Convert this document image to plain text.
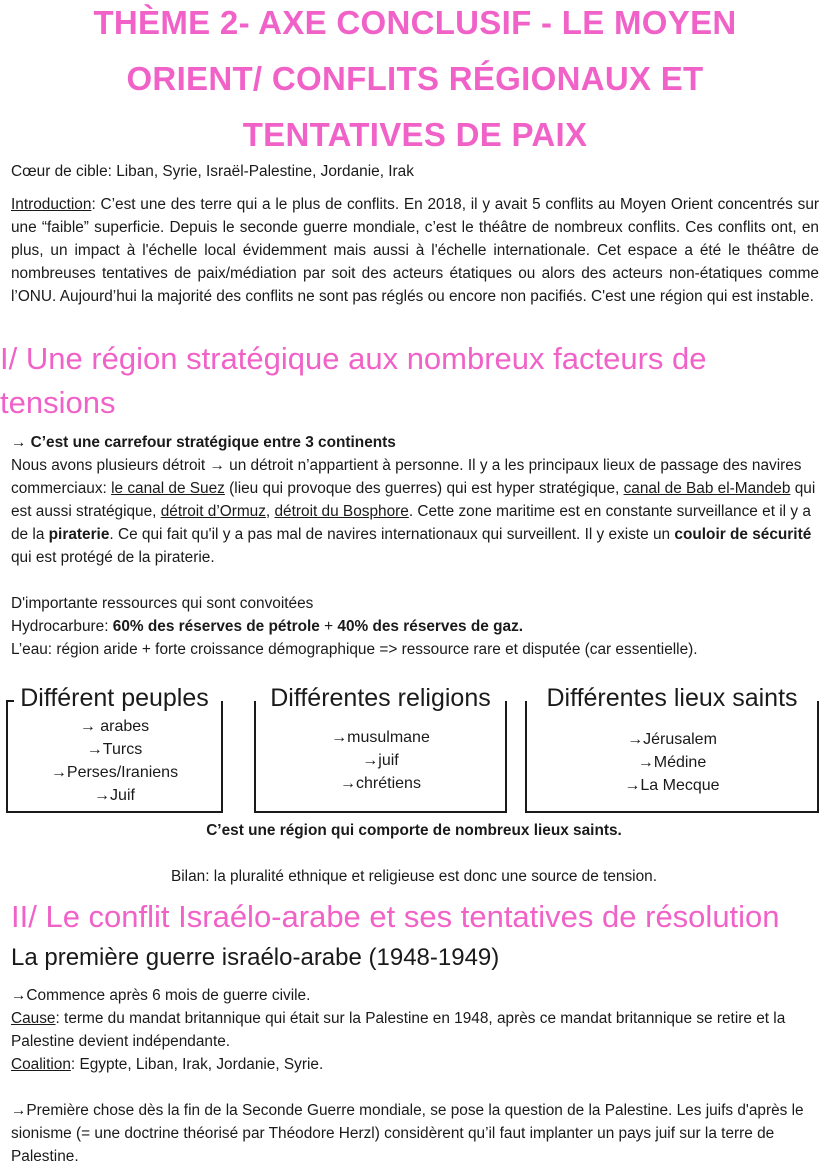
THÈME 2- AXE CONCLUSIF - LE MOYEN
ORIENT/ CONFLITS RÉGIONAUX ET
TENTATIVES DE PAIX
Cœur de cible: Liban, Syrie, Israël-Palestine, Jordanie, Irak
Introduction: C’est une des terre qui a le plus de conflits. En 2018, il y avait 5 conflits au Moyen Orient concentrés sur une “faible” superficie. Depuis le seconde guerre mondiale, c’est le théâtre de nombreux conflits. Ces conflits ont, en plus, un impact à l'échelle local évidemment mais aussi à l'échelle internationale. Cet espace a été le théâtre de nombreuses tentatives de paix/médiation par soit des acteurs étatiques ou alors des acteurs non-étatiques comme l’ONU. Aujourd’hui la majorité des conflits ne sont pas réglés ou encore non pacifiés. C'est une région qui est instable.
I/ Une région stratégique aux nombreux facteurs de
tensions
→ C’est une carrefour stratégique entre 3 continents
Nous avons plusieurs détroit → un détroit n’appartient à personne. Il y a les principaux lieux de passage des navires commerciaux: le canal de Suez (lieu qui provoque des guerres) qui est hyper stratégique, canal de Bab el-Mandeb qui est aussi stratégique, détroit d’Ormuz, détroit du Bosphore. Cette zone maritime est en constante surveillance et il y a de la piraterie. Ce qui fait qu'il y a pas mal de navires internationaux qui surveillent. Il y existe un couloir de sécurité qui est protégé de la piraterie.
D'importante ressources qui sont convoitées
Hydrocarbure: 60% des réserves de pétrole + 40% des réserves de gaz.
L’eau: région aride + forte croissance démographique => ressource rare et disputée (car essentielle).
Différent peuples
→ arabes
→Turcs
→Perses/Iraniens
→Juif
Différentes religions
→musulmane
→juif
→chrétiens
Différentes lieux saints
→Jérusalem
→Médine
→La Mecque
C’est une région qui comporte de nombreux lieux saints.
Bilan: la pluralité ethnique et religieuse est donc une source de tension.
II/ Le conflit Israélo-arabe et ses tentatives de résolution
La première guerre israélo-arabe (1948-1949)
→Commence après 6 mois de guerre civile.
Cause: terme du mandat britannique qui était sur la Palestine en 1948, après ce mandat britannique se retire et la Palestine devient indépendante.
Coalition: Egypte, Liban, Irak, Jordanie, Syrie.
→Première chose dès la fin de la Seconde Guerre mondiale, se pose la question de la Palestine. Les juifs d'après le sionisme (= une doctrine théorisé par Théodore Herzl) considèrent qu’il faut implanter un pays juif sur la terre de Palestine.
